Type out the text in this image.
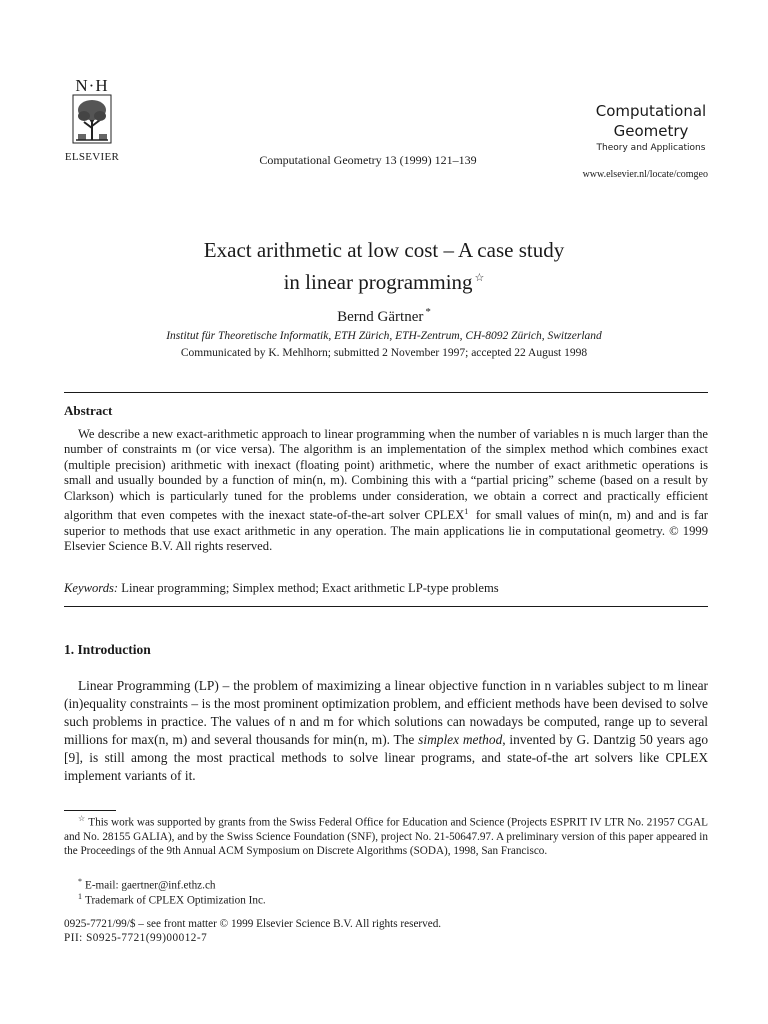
N·H
ELSEVIER	Computational Geometry 13 (1999) 121–139
Computational
Geometry
Theory and Applications
www.elsevier.nl/locate/comgeo
Exact arithmetic at low cost – A case study
in linear programming ☆
Bernd Gärtner *
Institut für Theoretische Informatik, ETH Zürich, ETH-Zentrum, CH-8092 Zürich, Switzerland
Communicated by K. Mehlhorn; submitted 2 November 1997; accepted 22 August 1998
Abstract
We describe a new exact-arithmetic approach to linear programming when the number of variables n is much larger than the number of constraints m (or vice versa). The algorithm is an implementation of the simplex method which combines exact (multiple precision) arithmetic with inexact (floating point) arithmetic, where the number of exact arithmetic operations is small and usually bounded by a function of min(n, m). Combining this with a “partial pricing” scheme (based on a result by Clarkson) which is particularly tuned for the problems under consideration, we obtain a correct and practically efficient algorithm that even competes with the inexact state-of-the-art solver CPLEX$^1$ for small values of min(n, m) and and is far superior to methods that use exact arithmetic in any operation. The main applications lie in computational geometry. © 1999 Elsevier Science B.V. All rights reserved.
Keywords: Linear programming; Simplex method; Exact arithmetic LP-type problems
1. Introduction
Linear Programming (LP) – the problem of maximizing a linear objective function in n variables subject to m linear (in)equality constraints – is the most prominent optimization problem, and efficient methods have been devised to solve such problems in practice. The values of n and m for which solutions can nowadays be computed, range up to several millions for max(n, m) and several thousands for min(n, m). The simplex method, invented by G. Dantzig 50 years ago [9], is still among the most practical methods to solve linear programs, and state-of-the art solvers like CPLEX implement variants of it.
☆ This work was supported by grants from the Swiss Federal Office for Education and Science (Projects ESPRIT IV LTR No. 21957 CGAL and No. 28155 GALIA), and by the Swiss Science Foundation (SNF), project No. 21-50647.97. A preliminary version of this paper appeared in the Proceedings of the 9th Annual ACM Symposium on Discrete Algorithms (SODA), 1998, San Francisco.
* E-mail: gaertner@inf.ethz.ch
$^1$ Trademark of CPLEX Optimization Inc.
0925-7721/99/$ – see front matter © 1999 Elsevier Science B.V. All rights reserved.
PII: S0925-7721(99)00012-7
